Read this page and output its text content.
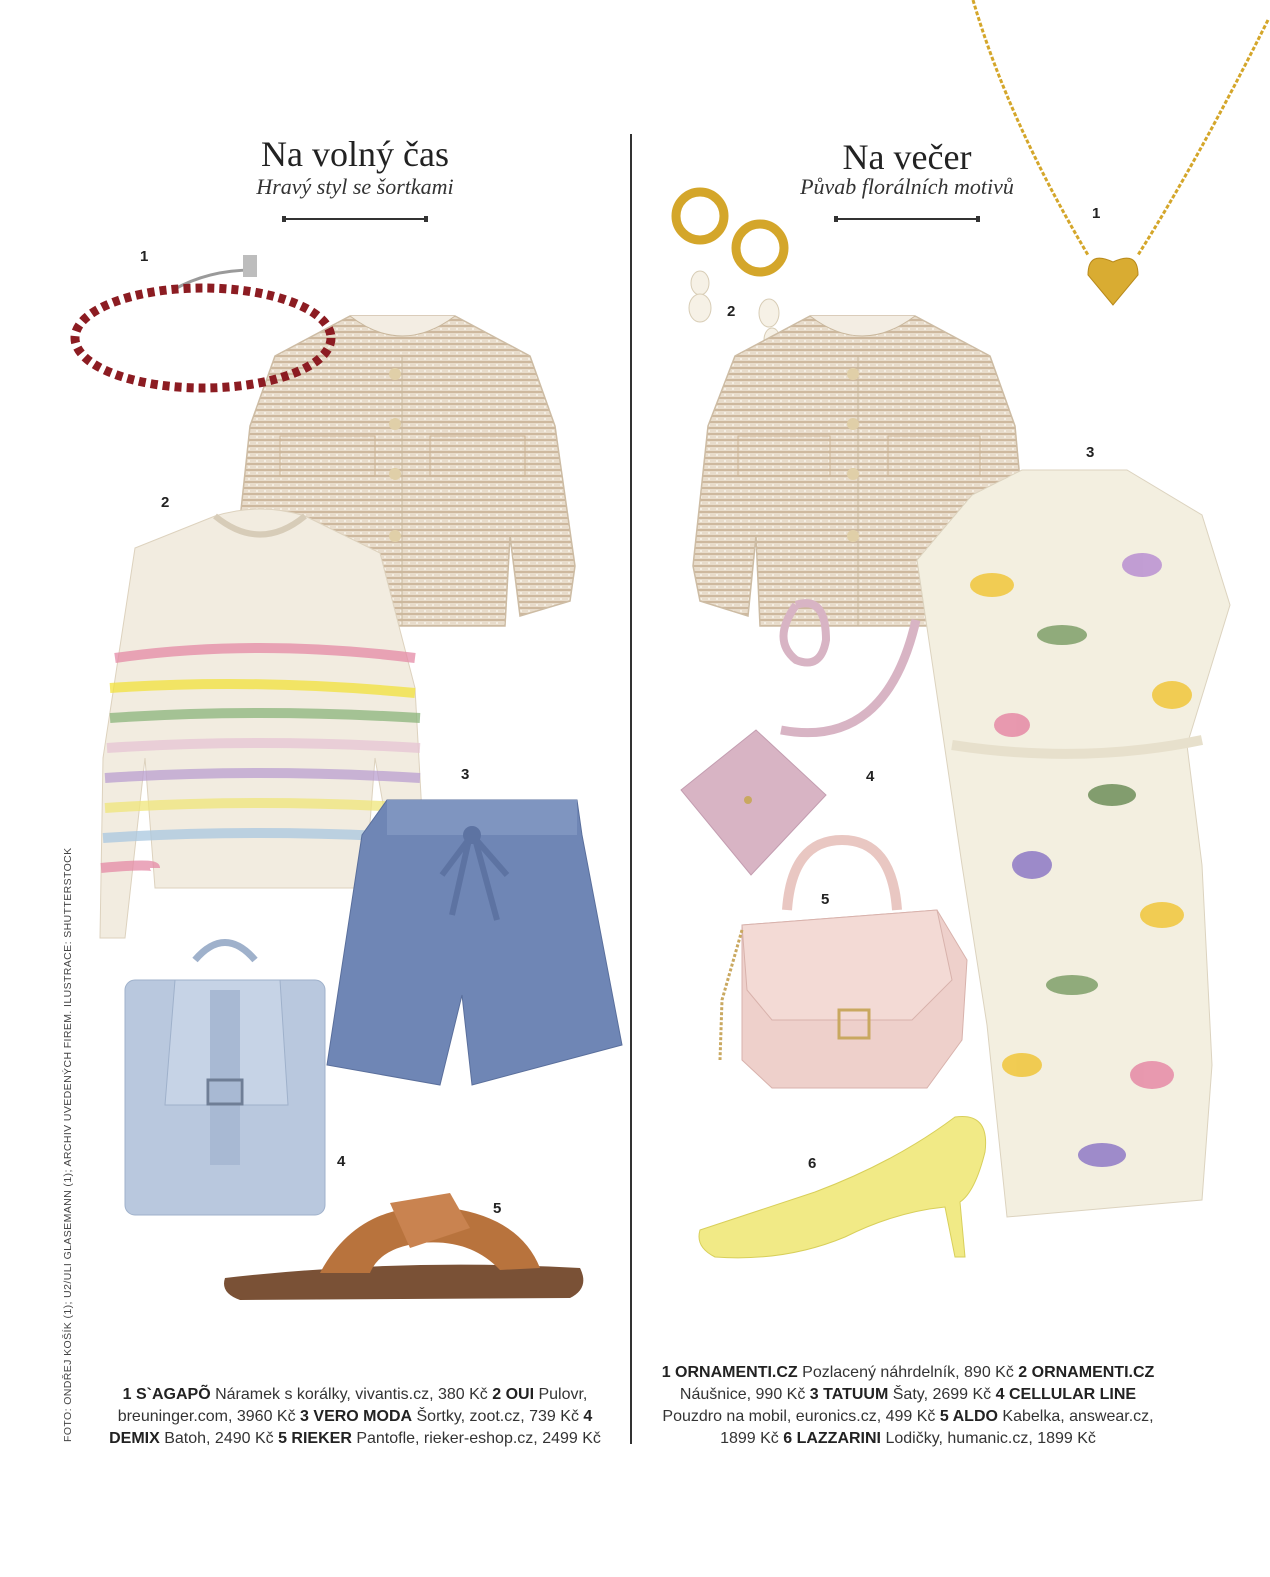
Na volný čas
Hravý styl se šortkami
1
2
3
4
5
1 S`AGAPÕ Náramek s korálky, vivantis.cz, 380 Kč 2 OUI Pulovr, breuninger.com, 3960 Kč 3 VERO MODA Šortky, zoot.cz, 739 Kč 4 DEMIX Batoh, 2490 Kč 5 RIEKER Pantofle, rieker-eshop.cz, 2499 Kč
FOTO: ONDŘEJ KOŠÍK (1); U2/ULI GLASEMANN (1); ARCHIV UVEDENÝCH FIREM. ILUSTRACE: SHUTTERSTOCK
Na večer
Půvab florálních motivů
1
2
3
4
5
6
1 ORNAMENTI.CZ Pozlacený náhrdelník, 890 Kč 2 ORNAMENTI.CZ Náušnice, 990 Kč 3 TATUUM Šaty, 2699 Kč 4 CELLULAR LINE Pouzdro na mobil, euronics.cz, 499 Kč 5 ALDO Kabelka, answear.cz, 1899 Kč 6 LAZZARINI Lodičky, humanic.cz, 1899 Kč
